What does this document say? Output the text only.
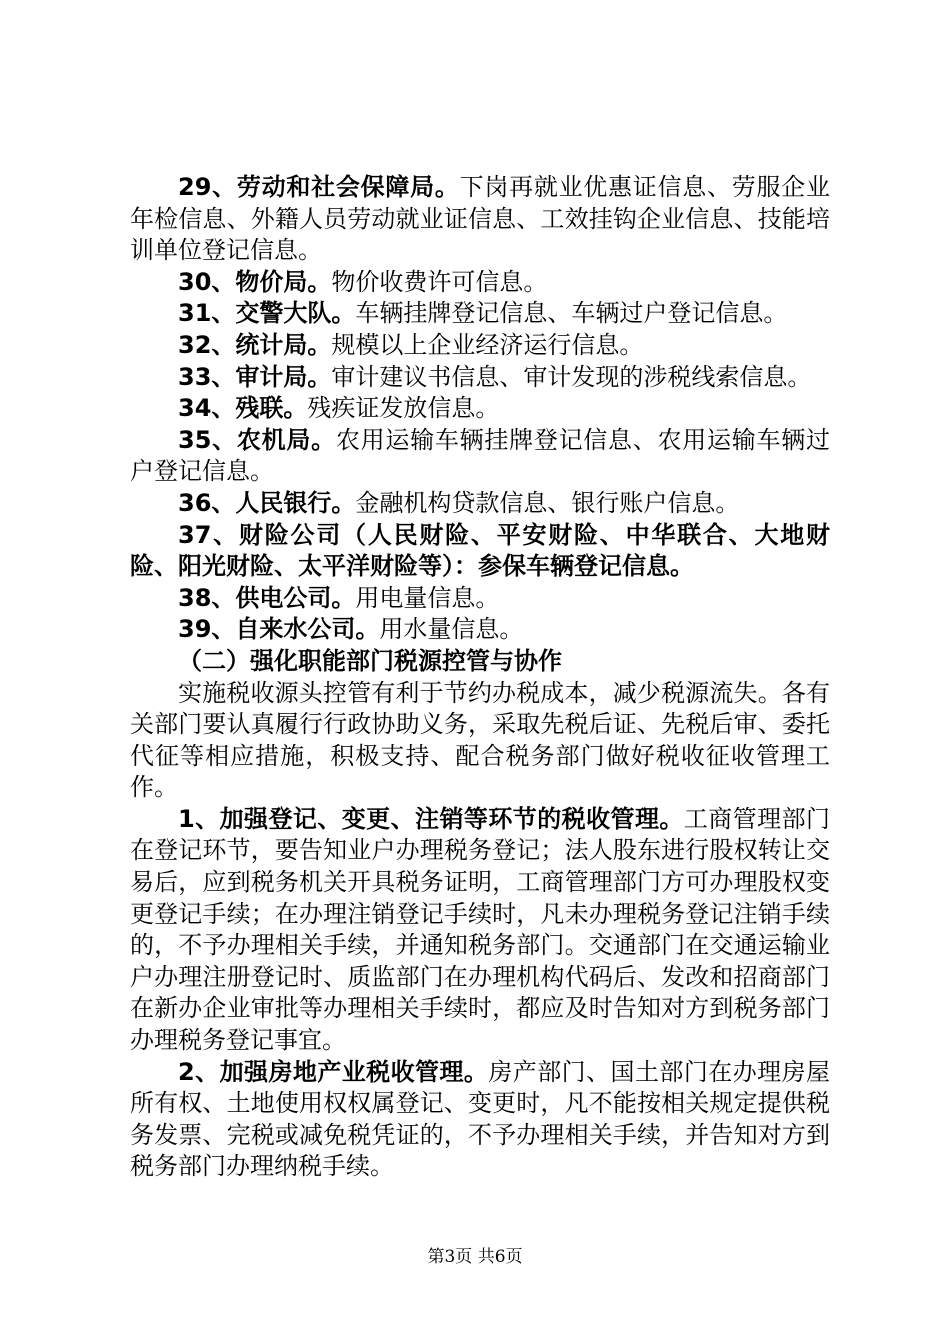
29、劳动和社会保障局。下岗再就业优惠证信息、劳服企业年检信息、外籍人员劳动就业证信息、工效挂钩企业信息、技能培训单位登记信息。

30、物价局。物价收费许可信息。

31、交警大队。车辆挂牌登记信息、车辆过户登记信息。

32、统计局。规模以上企业经济运行信息。

33、审计局。审计建议书信息、审计发现的涉税线索信息。

34、残联。残疾证发放信息。

35、农机局。农用运输车辆挂牌登记信息、农用运输车辆过户登记信息。

36、人民银行。金融机构贷款信息、银行账户信息。

37、财险公司（人民财险、平安财险、中华联合、大地财险、阳光财险、太平洋财险等）：参保车辆登记信息。

38、供电公司。用电量信息。

39、自来水公司。用水量信息。

（二）强化职能部门税源控管与协作

实施税收源头控管有利于节约办税成本，减少税源流失。各有关部门要认真履行行政协助义务，采取先税后证、先税后审、委托代征等相应措施，积极支持、配合税务部门做好税收征收管理工作。

1、加强登记、变更、注销等环节的税收管理。工商管理部门在登记环节，要告知业户办理税务登记；法人股东进行股权转让交易后，应到税务机关开具税务证明，工商管理部门方可办理股权变更登记手续；在办理注销登记手续时，凡未办理税务登记注销手续的，不予办理相关手续，并通知税务部门。交通部门在交通运输业户办理注册登记时、质监部门在办理机构代码后、发改和招商部门在新办企业审批等办理相关手续时，都应及时告知对方到税务部门办理税务登记事宜。

2、加强房地产业税收管理。房产部门、国土部门在办理房屋所有权、土地使用权权属登记、变更时，凡不能按相关规定提供税务发票、完税或减免税凭证的，不予办理相关手续，并告知对方到税务部门办理纳税手续。

第3页 共6页
